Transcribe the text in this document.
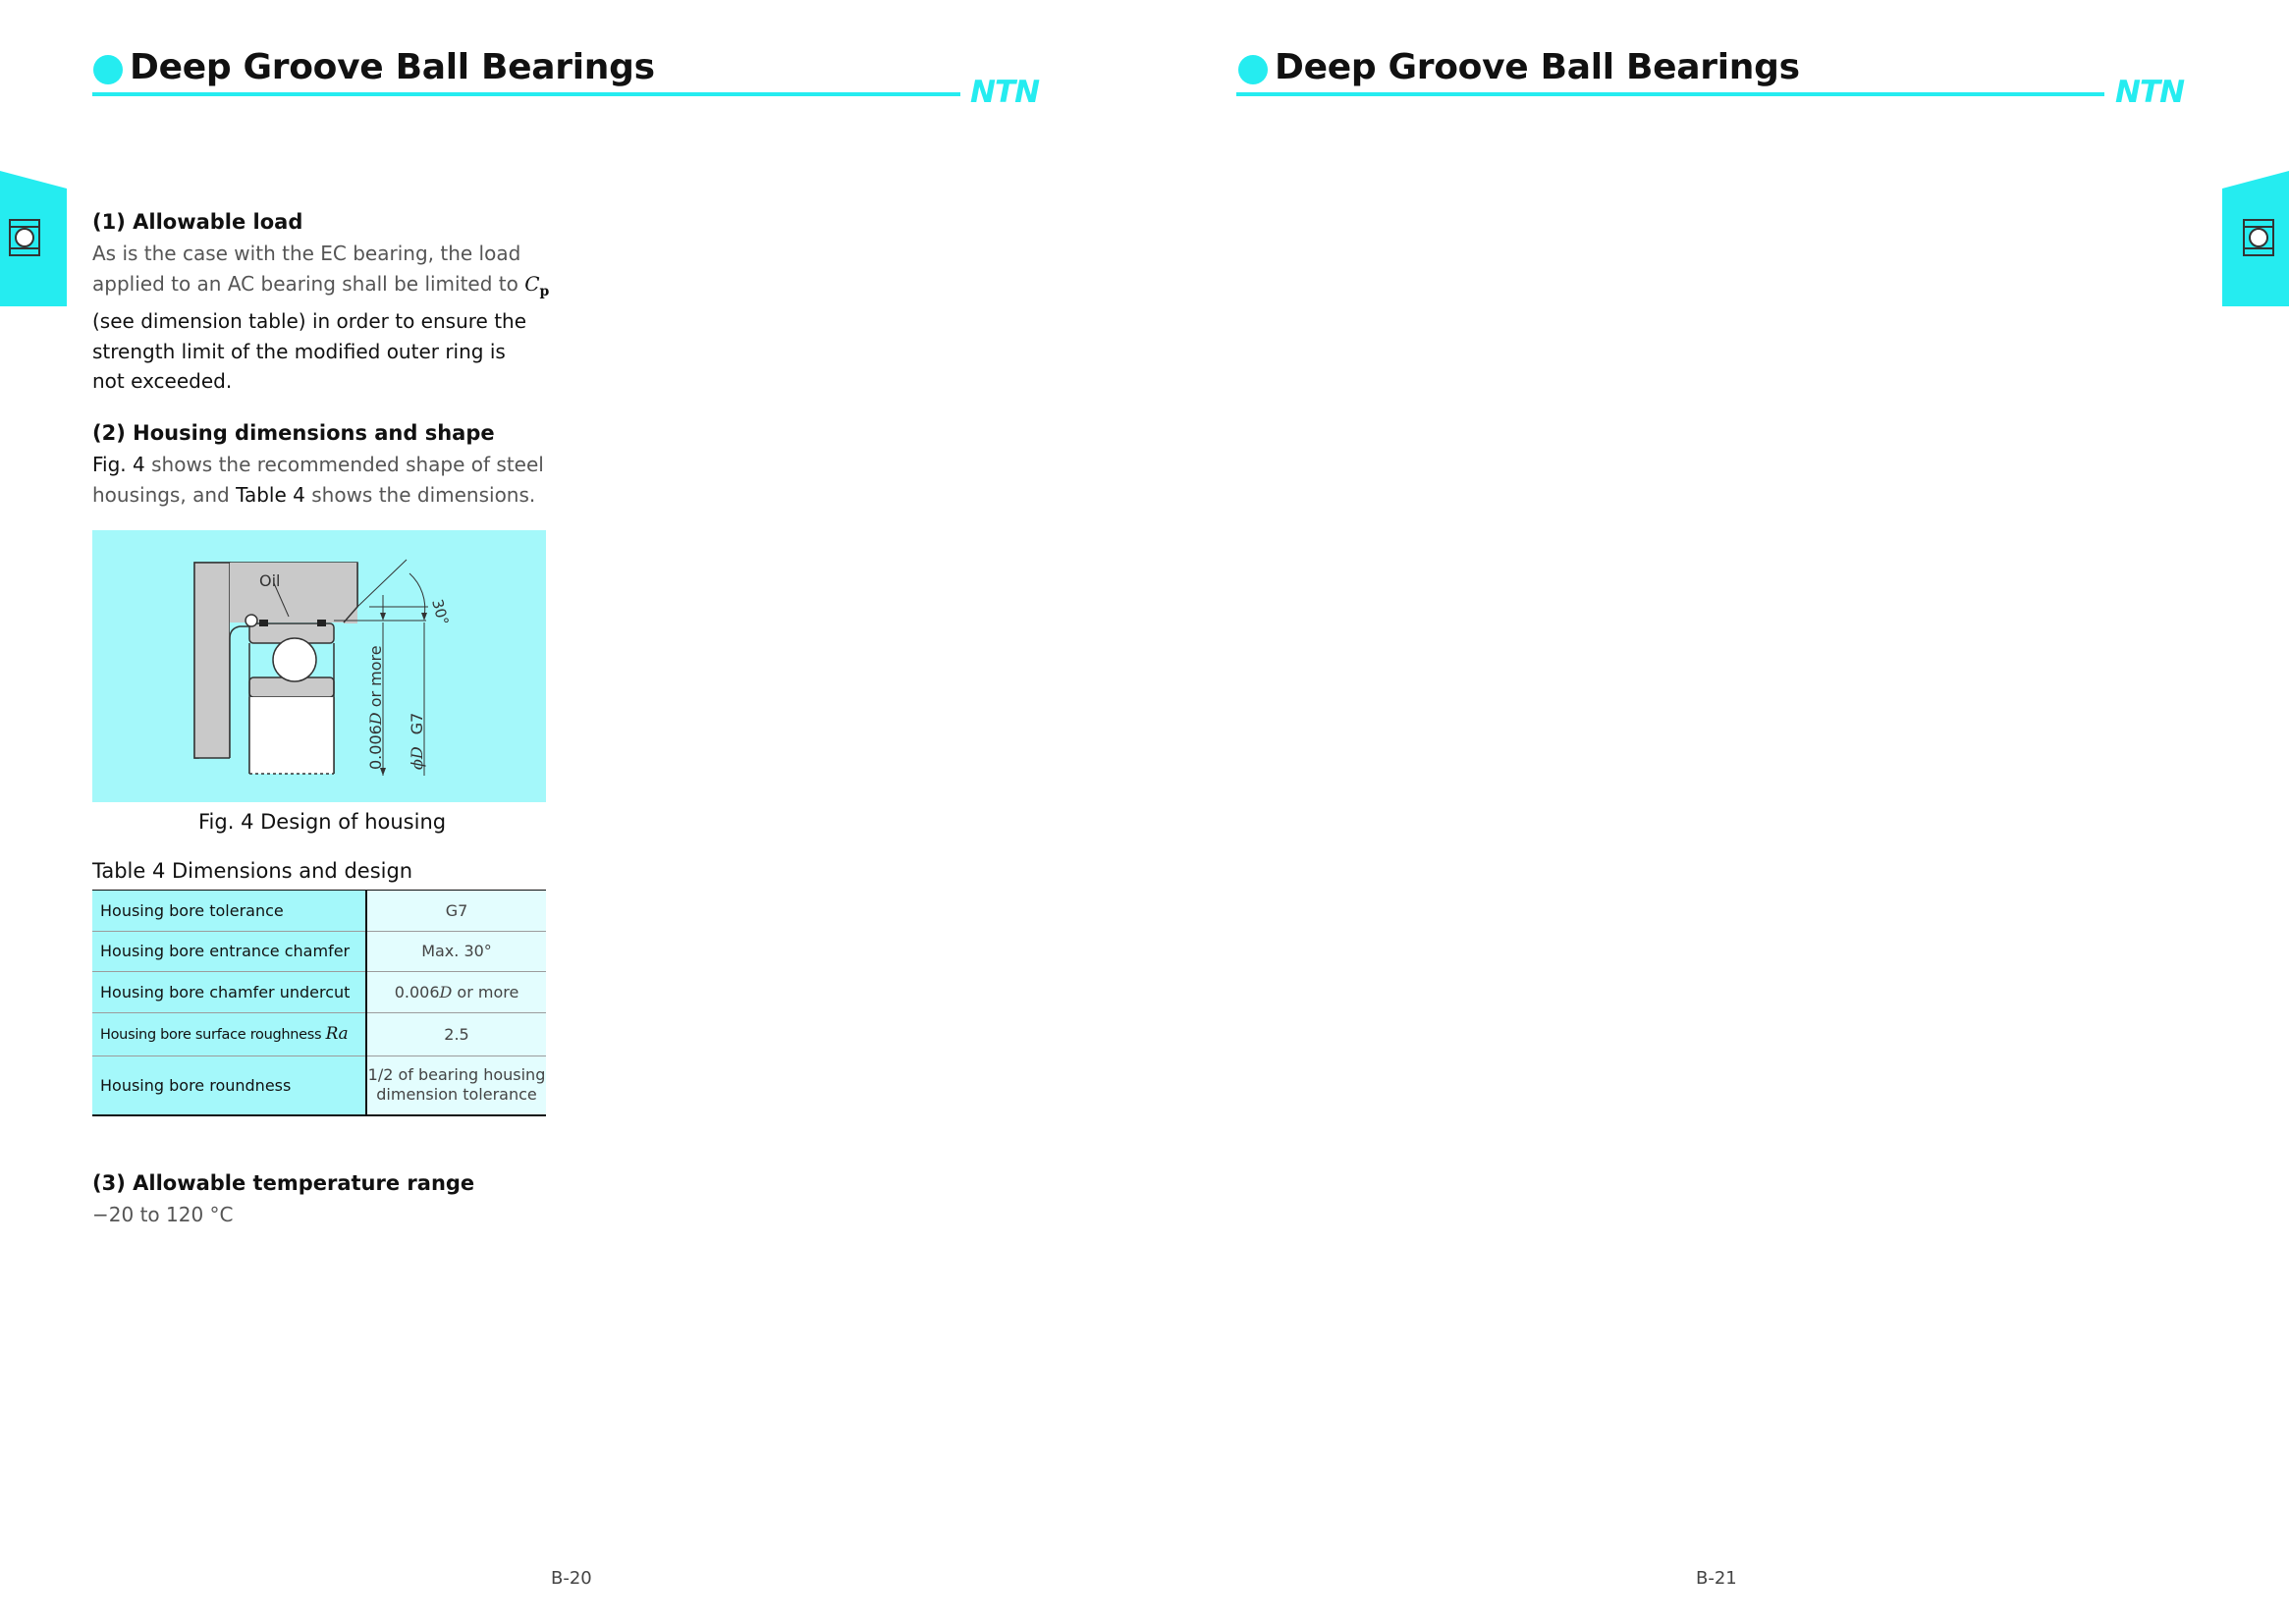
Deep Groove Ball Bearings
NTN
(1) Allowable load
As is the case with the EC bearing, the load
applied to an AC bearing shall be limited to $C_p$
(see dimension table) in order to ensure the
strength limit of the modified outer ring is
not exceeded.
(2) Housing dimensions and shape
Fig. 4 shows the recommended shape of steel
housings, and Table 4 shows the dimensions.
Oil
30°
0.006D or more
ϕDG7
Fig. 4 Design of housing
Table 4 Dimensions and design
Housing bore tolerance	G7
Housing bore entrance chamfer	Max. 30°
Housing bore chamfer undercut	0.006D or more
Housing bore surface roughness Ra	2.5
Housing bore roundness	1/2 of bearing housing
dimension tolerance
(3) Allowable temperature range
−20 to 120 °C
B-20
Deep Groove Ball Bearings
NTN
B-21
